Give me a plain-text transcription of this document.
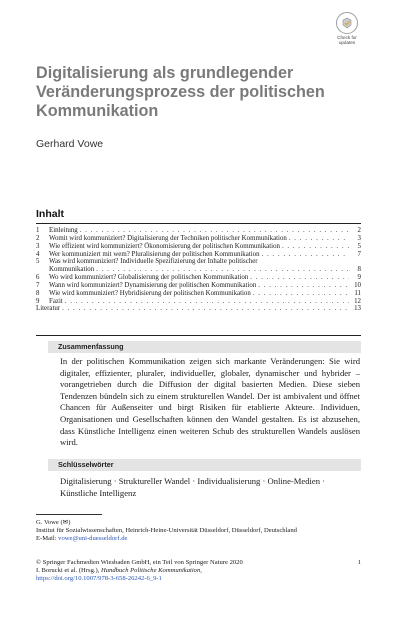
Check for
updates
Digitalisierung als grundlegender Veränderungsprozess der politischen Kommunikation
Gerhard Vowe
Inhalt
1	Einleitung . . .	2
2	Womit wird kommuniziert? Digitalisierung der Techniken politischer Kommunikation . . .	3
3	Wie effizient wird kommuniziert? Ökonomisierung der politischen Kommunikation . . .	5
4	Wer kommuniziert mit wem? Pluralisierung der politischen Kommunikation . . .	7
5	Was wird kommuniziert? Individuelle Spezifizierung der Inhalte politischer
Kommunikation . . .	8
6	Wo wird kommuniziert? Globalisierung der politischen Kommunikation . . .	9
7	Wann wird kommuniziert? Dynamisierung der politischen Kommunikation . . .	10
8	Wie wird kommuniziert? Hybridisierung der politischen Kommunikation . . .	11
9	Fazit . . .	12
Literatur . . .	13
Zusammenfassung
In der politischen Kommunikation zeigen sich markante Veränderungen: Sie wird digitaler, effizienter, pluraler, individueller, globaler, dynamischer und hybrider – vorangetrieben durch die Diffusion der digital basierten Medien. Diese sieben Tendenzen bündeln sich zu einem strukturellen Wandel. Der ist ambivalent und öffnet Chancen für Außenseiter und birgt Risiken für etablierte Akteure. Individuen, Organisationen und Gesellschaften können den Wandel gestalten. Es ist abzusehen, dass Künstliche Intelligenz einen weiteren Schub des strukturellen Wandels auslösen wird.
Schlüsselwörter
Digitalisierung · Struktureller Wandel · Individualisierung · Online-Medien · Künstliche Intelligenz
G. Vowe (✉)
Institut für Sozialwissenschaften, Heinrich-Heine-Universität Düsseldorf, Düsseldorf, Deutschland
E-Mail: vowe@uni-duesseldorf.de
© Springer Fachmedien Wiesbaden GmbH, ein Teil von Springer Nature 2020	1
I. Borucki et al. (Hrsg.), Handbuch Politische Kommunikation,
https://doi.org/10.1007/978-3-658-26242-6_9-1
